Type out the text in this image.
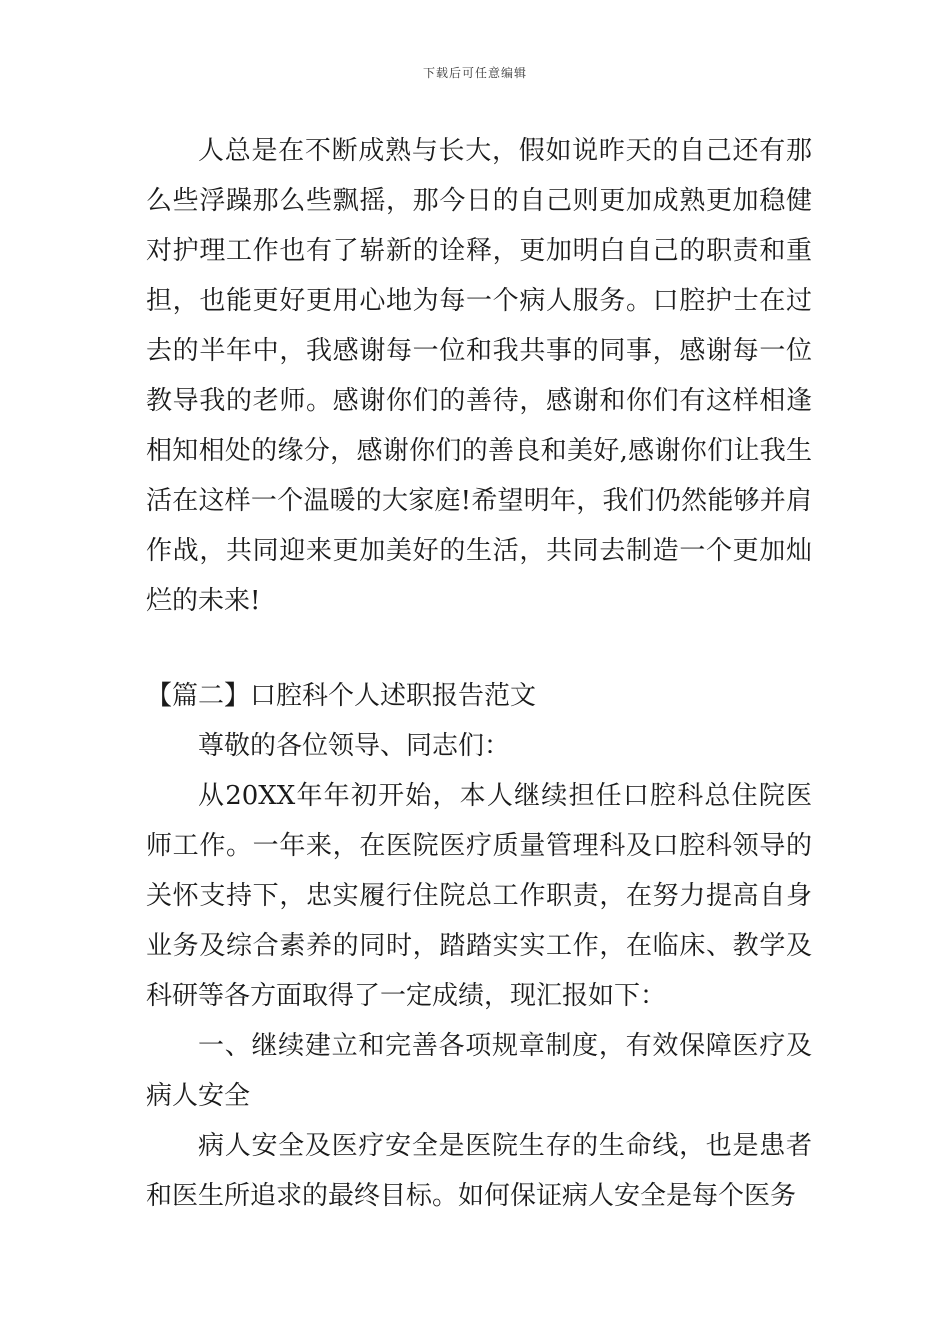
下载后可任意编辑

人总是在不断成熟与长大，假如说昨天的自己还有那么些浮躁那么些飘摇，那今日的自己则更加成熟更加稳健对护理工作也有了崭新的诠释，更加明白自己的职责和重担，也能更好更用心地为每一个病人服务。口腔护士在过去的半年中，我感谢每一位和我共事的同事，感谢每一位教导我的老师。感谢你们的善待，感谢和你们有这样相逢相知相处的缘分，感谢你们的善良和美好,感谢你们让我生活在这样一个温暖的大家庭!希望明年，我们仍然能够并肩作战，共同迎来更加美好的生活，共同去制造一个更加灿烂的未来!

【篇二】口腔科个人述职报告范文

尊敬的各位领导、同志们：

从20XX年年初开始，本人继续担任口腔科总住院医师工作。一年来，在医院医疗质量管理科及口腔科领导的关怀支持下，忠实履行住院总工作职责，在努力提高自身业务及综合素养的同时，踏踏实实工作，在临床、教学及科研等各方面取得了一定成绩，现汇报如下：

一、继续建立和完善各项规章制度，有效保障医疗及病人安全

病人安全及医疗安全是医院生存的生命线，也是患者和医生所追求的最终目标。如何保证病人安全是每个医务
